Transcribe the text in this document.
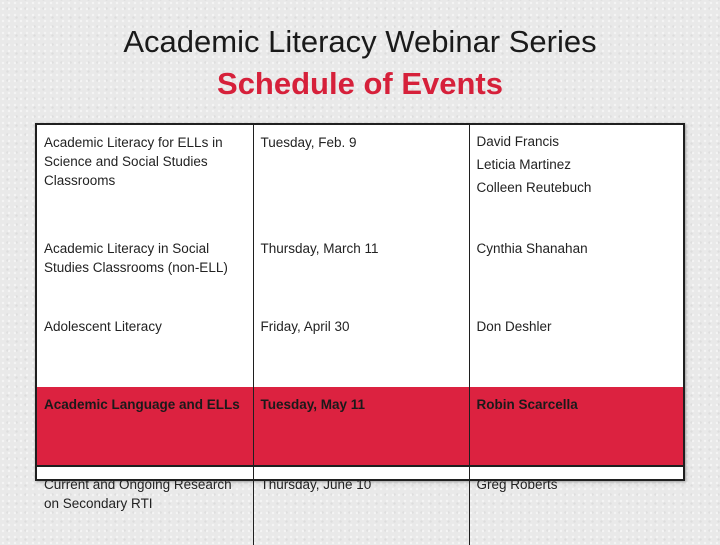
Academic Literacy Webinar Series
Schedule of Events
Academic Literacy for ELLs in Science and Social Studies Classrooms	Tuesday, Feb. 9	David Francis
Leticia Martinez
Colleen Reutebuch

Academic Literacy in Social Studies Classrooms (non-ELL)	Thursday, March 11	Cynthia Shanahan
Adolescent Literacy	Friday, April 30	Don Deshler
Academic Language and ELLs	Tuesday, May 11	Robin Scarcella
Current and Ongoing Research on Secondary RTI	Thursday, June 10	Greg Roberts
